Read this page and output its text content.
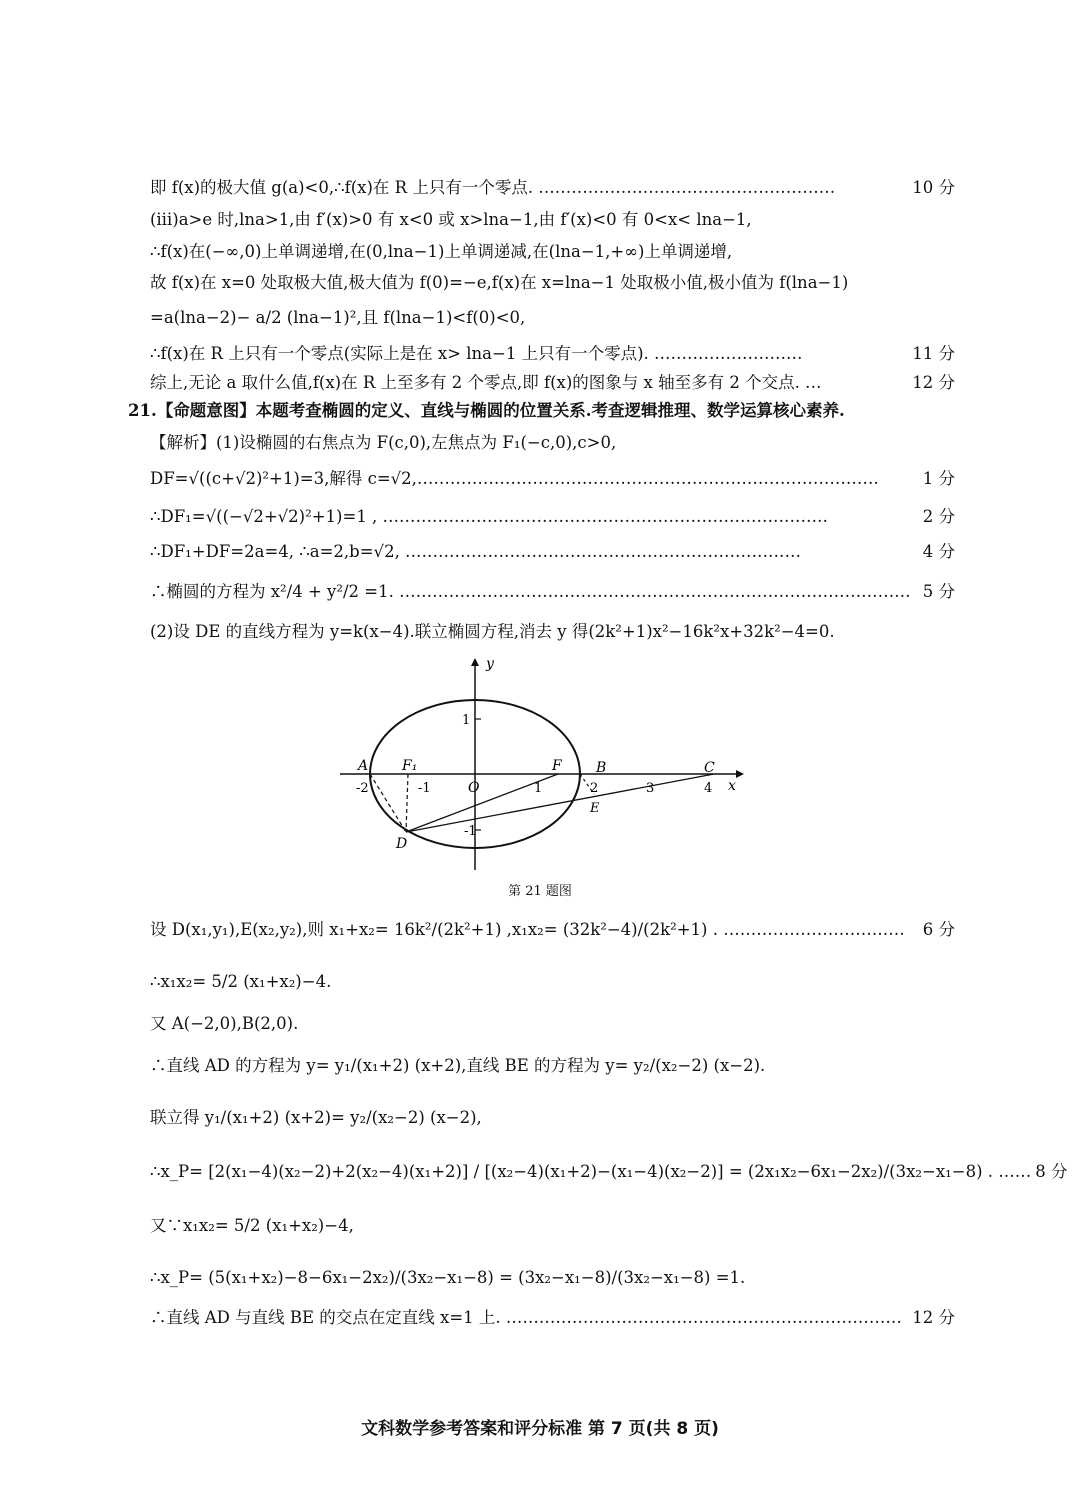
即 f(x)的极大值 g(a)<0,∴f(x)在 R 上只有一个零点. ………………………………………………	10 分
(ⅲ)a>e 时,lna>1,由 f′(x)>0 有 x<0 或 x>lna−1,由 f′(x)<0 有 0<x< lna−1,
∴f(x)在(−∞,0)上单调递增,在(0,lna−1)上单调递减,在(lna−1,+∞)上单调递增,
故 f(x)在 x=0 处取极大值,极大值为 f(0)=−e,f(x)在 x=lna−1 处取极小值,极小值为 f(lna−1)
=a(lna−2)− a/2 (lna−1)²,且 f(lna−1)<f(0)<0,
∴f(x)在 R 上只有一个零点(实际上是在 x> lna−1 上只有一个零点). ………………………	11 分
综上,无论 a 取什么值,f(x)在 R 上至多有 2 个零点,即 f(x)的图象与 x 轴至多有 2 个交点. …	12 分
21.【命题意图】本题考查椭圆的定义、直线与椭圆的位置关系.考查逻辑推理、数学运算核心素养.
【解析】(1)设椭圆的右焦点为 F(c,0),左焦点为 F₁(−c,0),c>0,
DF=√((c+√2)²+1)=3,解得 c=√2,…………………………………………………………………………	1 分
∴DF₁=√((−√2+√2)²+1)=1 , ………………………………………………………………………	2 分
∴DF₁+DF=2a=4, ∴a=2,b=√2, ………………………………………………………………	4 分
∴椭圆的方程为 x²/4 + y²/2 =1. ………………………………………………………………………………… 5 分
(2)设 DE 的直线方程为 y=k(x−4).联立椭圆方程,消去 y 得(2k²+1)x²−16k²x+32k²−4=0.
y
x
A F₁
O
F B	C
D
E
-2	-1	1	2	3	4
1
-1
第 21 题图
设 D(x₁,y₁),E(x₂,y₂),则 x₁+x₂= 16k²/(2k²+1) ,x₁x₂= (32k²−4)/(2k²+1) . ……………………………	6 分
∴x₁x₂= 5/2 (x₁+x₂)−4.
又 A(−2,0),B(2,0).
∴直线 AD 的方程为 y= y₁/(x₁+2) (x+2),直线 BE 的方程为 y= y₂/(x₂−2) (x−2).
联立得 y₁/(x₁+2) (x+2)= y₂/(x₂−2) (x−2),
∴x_P= [2(x₁−4)(x₂−2)+2(x₂−4)(x₁+2)] / [(x₂−4)(x₁+2)−(x₁−4)(x₂−2)] = (2x₁x₂−6x₁−2x₂)/(3x₂−x₁−8) . …… 8 分
又∵x₁x₂= 5/2 (x₁+x₂)−4,
∴x_P= (5(x₁+x₂)−8−6x₁−2x₂)/(3x₂−x₁−8) = (3x₂−x₁−8)/(3x₂−x₁−8) =1.
∴直线 AD 与直线 BE 的交点在定直线 x=1 上. ……………………………………………………………… 12 分
文科数学参考答案和评分标准 第 7 页(共 8 页)
